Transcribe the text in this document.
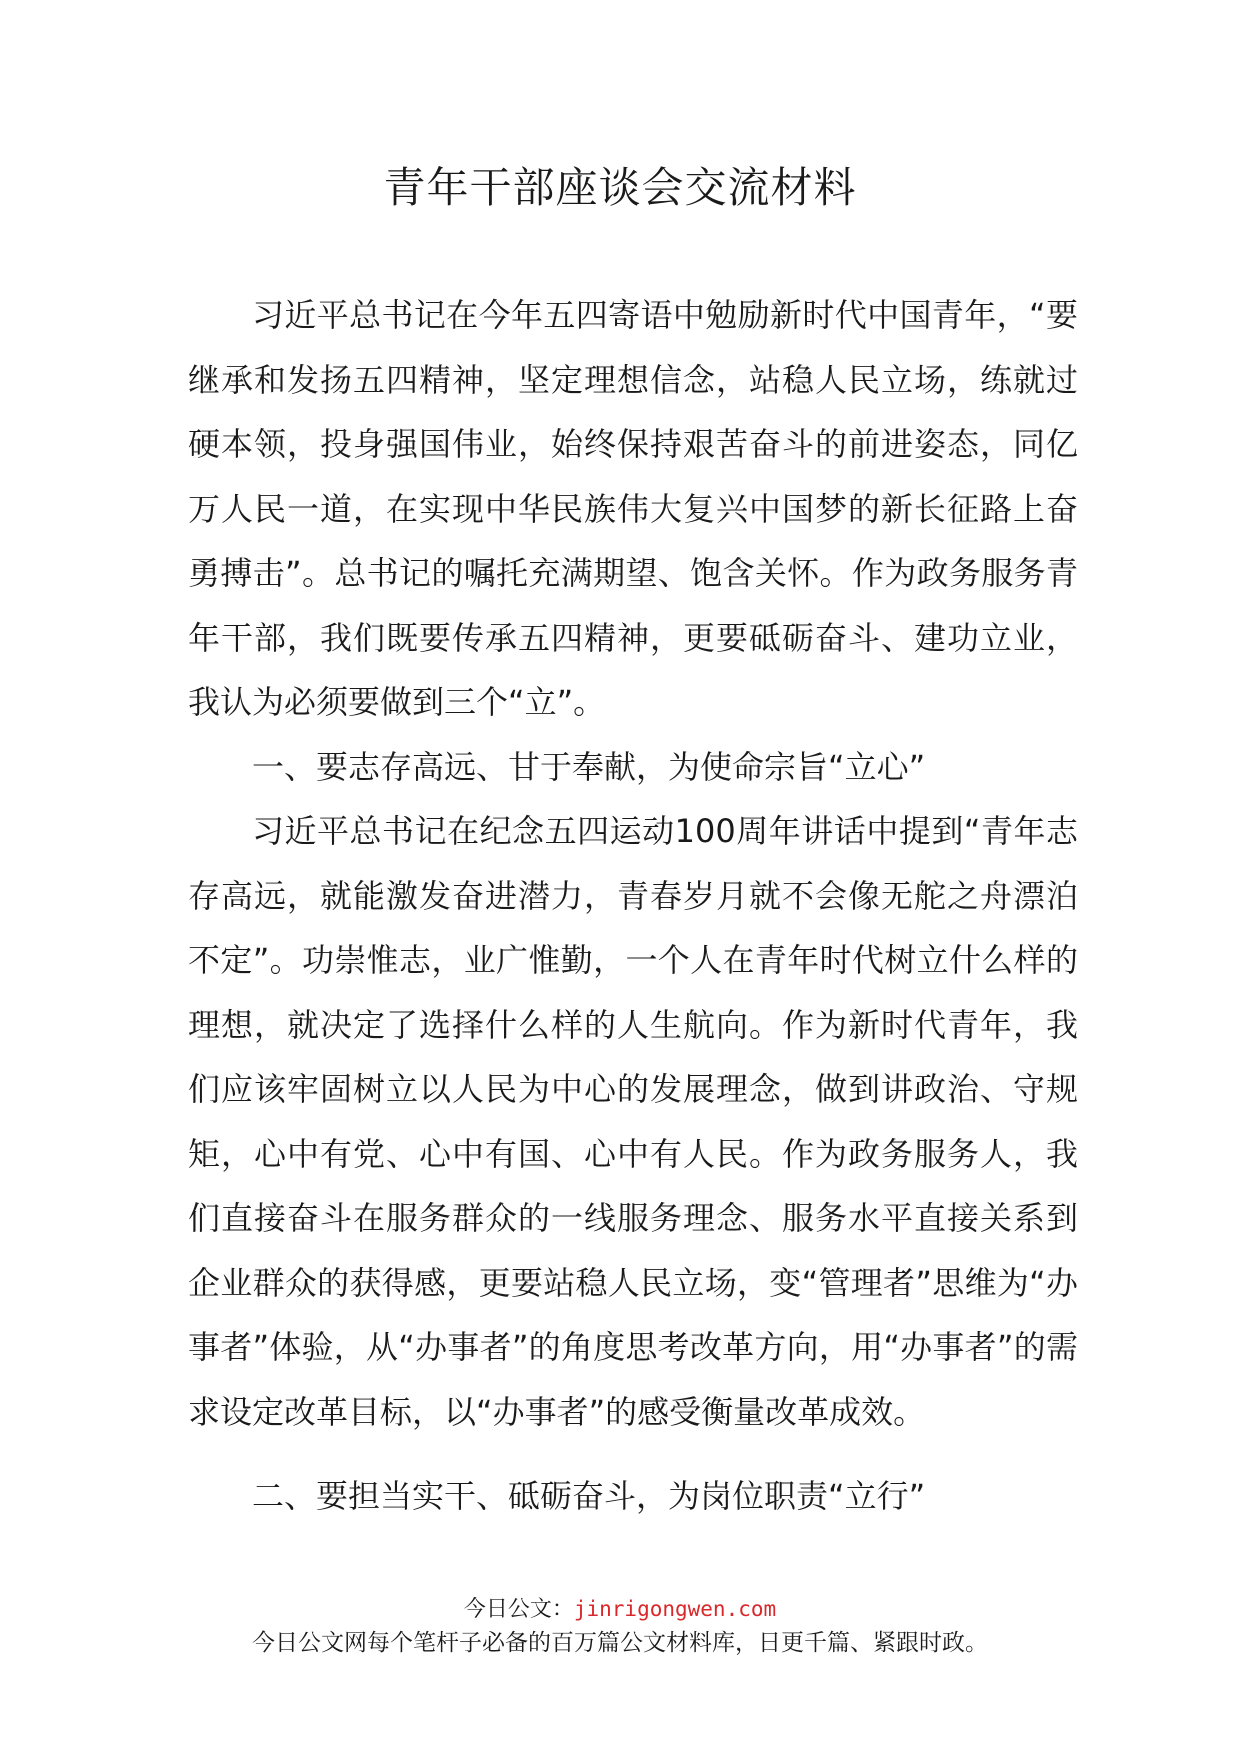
青年干部座谈会交流材料

习近平总书记在今年五四寄语中勉励新时代中国青年，“要继承和发扬五四精神，坚定理想信念，站稳人民立场，练就过硬本领，投身强国伟业，始终保持艰苦奋斗的前进姿态，同亿万人民一道，在实现中华民族伟大复兴中国梦的新长征路上奋勇搏击”。总书记的嘱托充满期望、饱含关怀。作为政务服务青年干部，我们既要传承五四精神，更要砥砺奋斗、建功立业，我认为必须要做到三个“立”。

一、要志存高远、甘于奉献，为使命宗旨“立心”

习近平总书记在纪念五四运动100周年讲话中提到“青年志存高远，就能激发奋进潜力，青春岁月就不会像无舵之舟漂泊不定”。功崇惟志，业广惟勤，一个人在青年时代树立什么样的理想，就决定了选择什么样的人生航向。作为新时代青年，我们应该牢固树立以人民为中心的发展理念，做到讲政治、守规矩，心中有党、心中有国、心中有人民。作为政务服务人，我们直接奋斗在服务群众的一线服务理念、服务水平直接关系到企业群众的获得感，更要站稳人民立场，变“管理者”思维为“办事者”体验，从“办事者”的角度思考改革方向，用“办事者”的需求设定改革目标，以“办事者”的感受衡量改革成效。

二、要担当实干、砥砺奋斗，为岗位职责“立行”

今日公文：jinrigongwen.com
今日公文网每个笔杆子必备的百万篇公文材料库，日更千篇、紧跟时政。
